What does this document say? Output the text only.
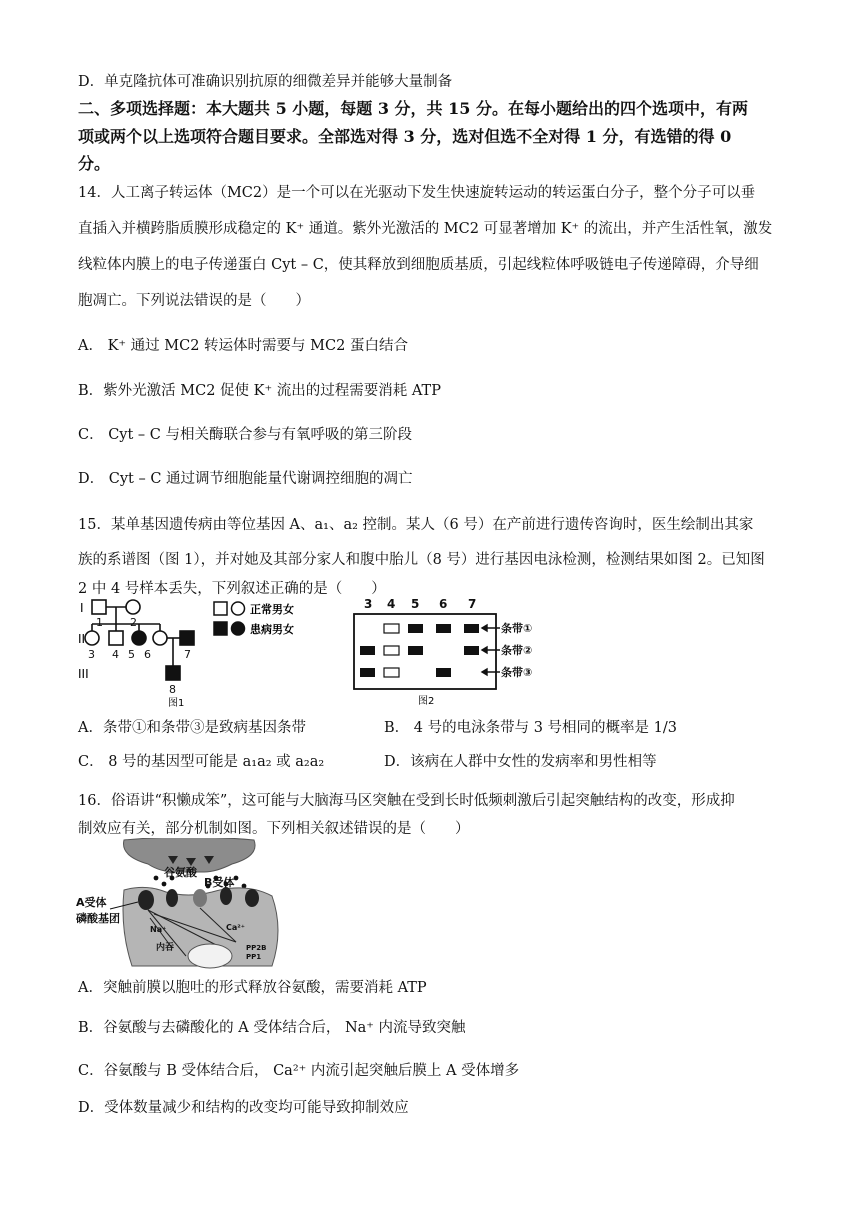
D．单克隆抗体可准确识别抗原的细微差异并能够大量制备
二、多项选择题：本大题共 5 小题，每题 3 分，共 15 分。在每小题给出的四个选项中，有两
项或两个以上选项符合题目要求。全部选对得 3 分，选对但选不全对得 1 分，有选错的得 0
分。
14．人工离子转运体（MC2）是一个可以在光驱动下发生快速旋转运动的转运蛋白分子，整个分子可以垂
直插入并横跨脂质膜形成稳定的 K⁺ 通道。紫外光激活的 MC2 可显著增加 K⁺ 的流出，并产生活性氧，激发
线粒体内膜上的电子传递蛋白 Cyt – C，使其释放到细胞质基质，引起线粒体呼吸链电子传递障碍，介导细
胞凋亡。下列说法错误的是（　　）
A． K⁺ 通过 MC2 转运体时需要与 MC2 蛋白结合
B．紫外光激活 MC2 促使 K⁺ 流出的过程需要消耗 ATP
C． Cyt – C 与相关酶联合参与有氧呼吸的第三阶段
D． Cyt – C 通过调节细胞能量代谢调控细胞的凋亡
15．某单基因遗传病由等位基因 A、a₁、a₂ 控制。某人（6 号）在产前进行遗传咨询时，医生绘制出其家
族的系谱图（图 1），并对她及其部分家人和腹中胎儿（8 号）进行基因电泳检测，检测结果如图 2。已知图
2 中 4 号样本丢失，下列叙述正确的是（　　）
I
II
III
1 2
3 4 5 6	7
8
图1
正常男女
患病男女
3 4 5 6 7
条带①
条带②
条带③
图2
A．条带①和条带③是致病基因条带	B． 4 号的电泳条带与 3 号相同的概率是 1/3
C． 8 号的基因型可能是 a₁a₂ 或 a₂a₂	D．该病在人群中女性的发病率和男性相等
16．俗语讲“积懒成笨”，这可能与大脑海马区突触在受到长时低频刺激后引起突触结构的改变，形成抑
制效应有关，部分机制如图。下列相关叙述错误的是（　　）
谷氨酸
B受体
A受体
磷酸基团
Na⁺	Ca²⁺
内吞	PP2B
PP1
A．突触前膜以胞吐的形式释放谷氨酸，需要消耗 ATP
B．谷氨酸与去磷酸化的 A 受体结合后， Na⁺ 内流导致突触
C．谷氨酸与 B 受体结合后， Ca²⁺ 内流引起突触后膜上 A 受体增多
D．受体数量减少和结构的改变均可能导致抑制效应
